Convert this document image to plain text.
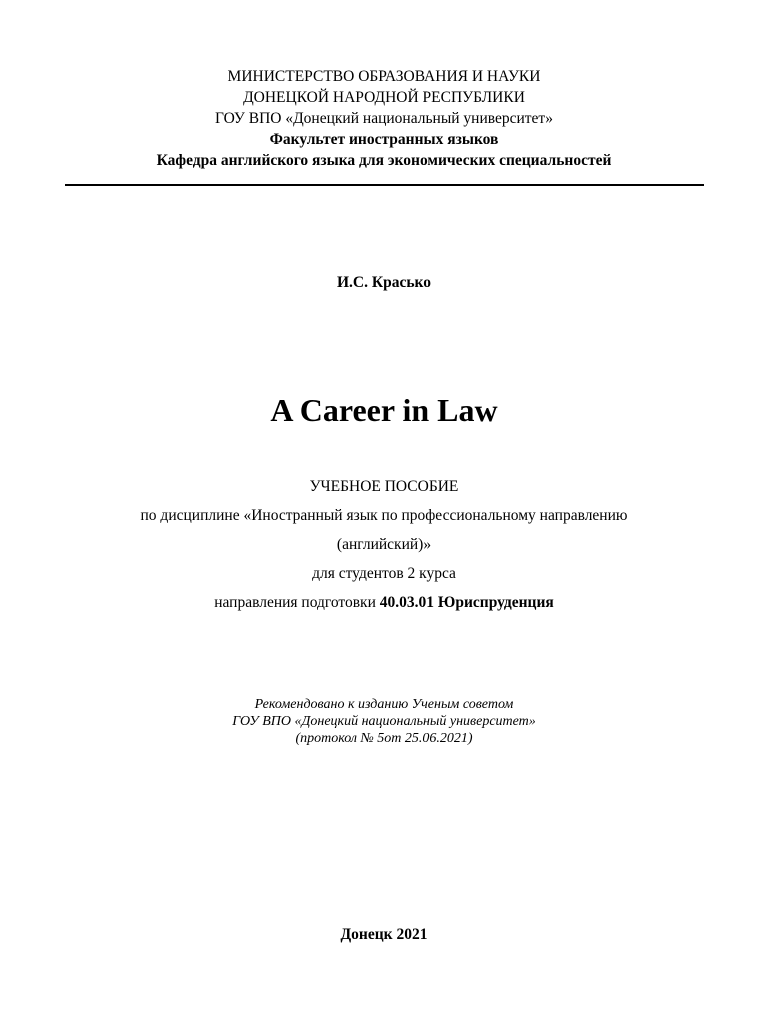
МИНИСТЕРСТВО ОБРАЗОВАНИЯ И НАУКИ
ДОНЕЦКОЙ НАРОДНОЙ РЕСПУБЛИКИ
ГОУ ВПО «Донецкий национальный университет»
Факультет иностранных языков
Кафедра английского языка для экономических специальностей
И.С. Красько
A Career in Law
УЧЕБНОЕ ПОСОБИЕ
по дисциплине «Иностранный язык по профессиональному направлению
(английский)»
для студентов 2 курса
направления подготовки 40.03.01 Юриспруденция
Рекомендовано к изданию Ученым советом
ГОУ ВПО «Донецкий национальный университет»
(протокол № 5от 25.06.2021)
Донецк 2021
